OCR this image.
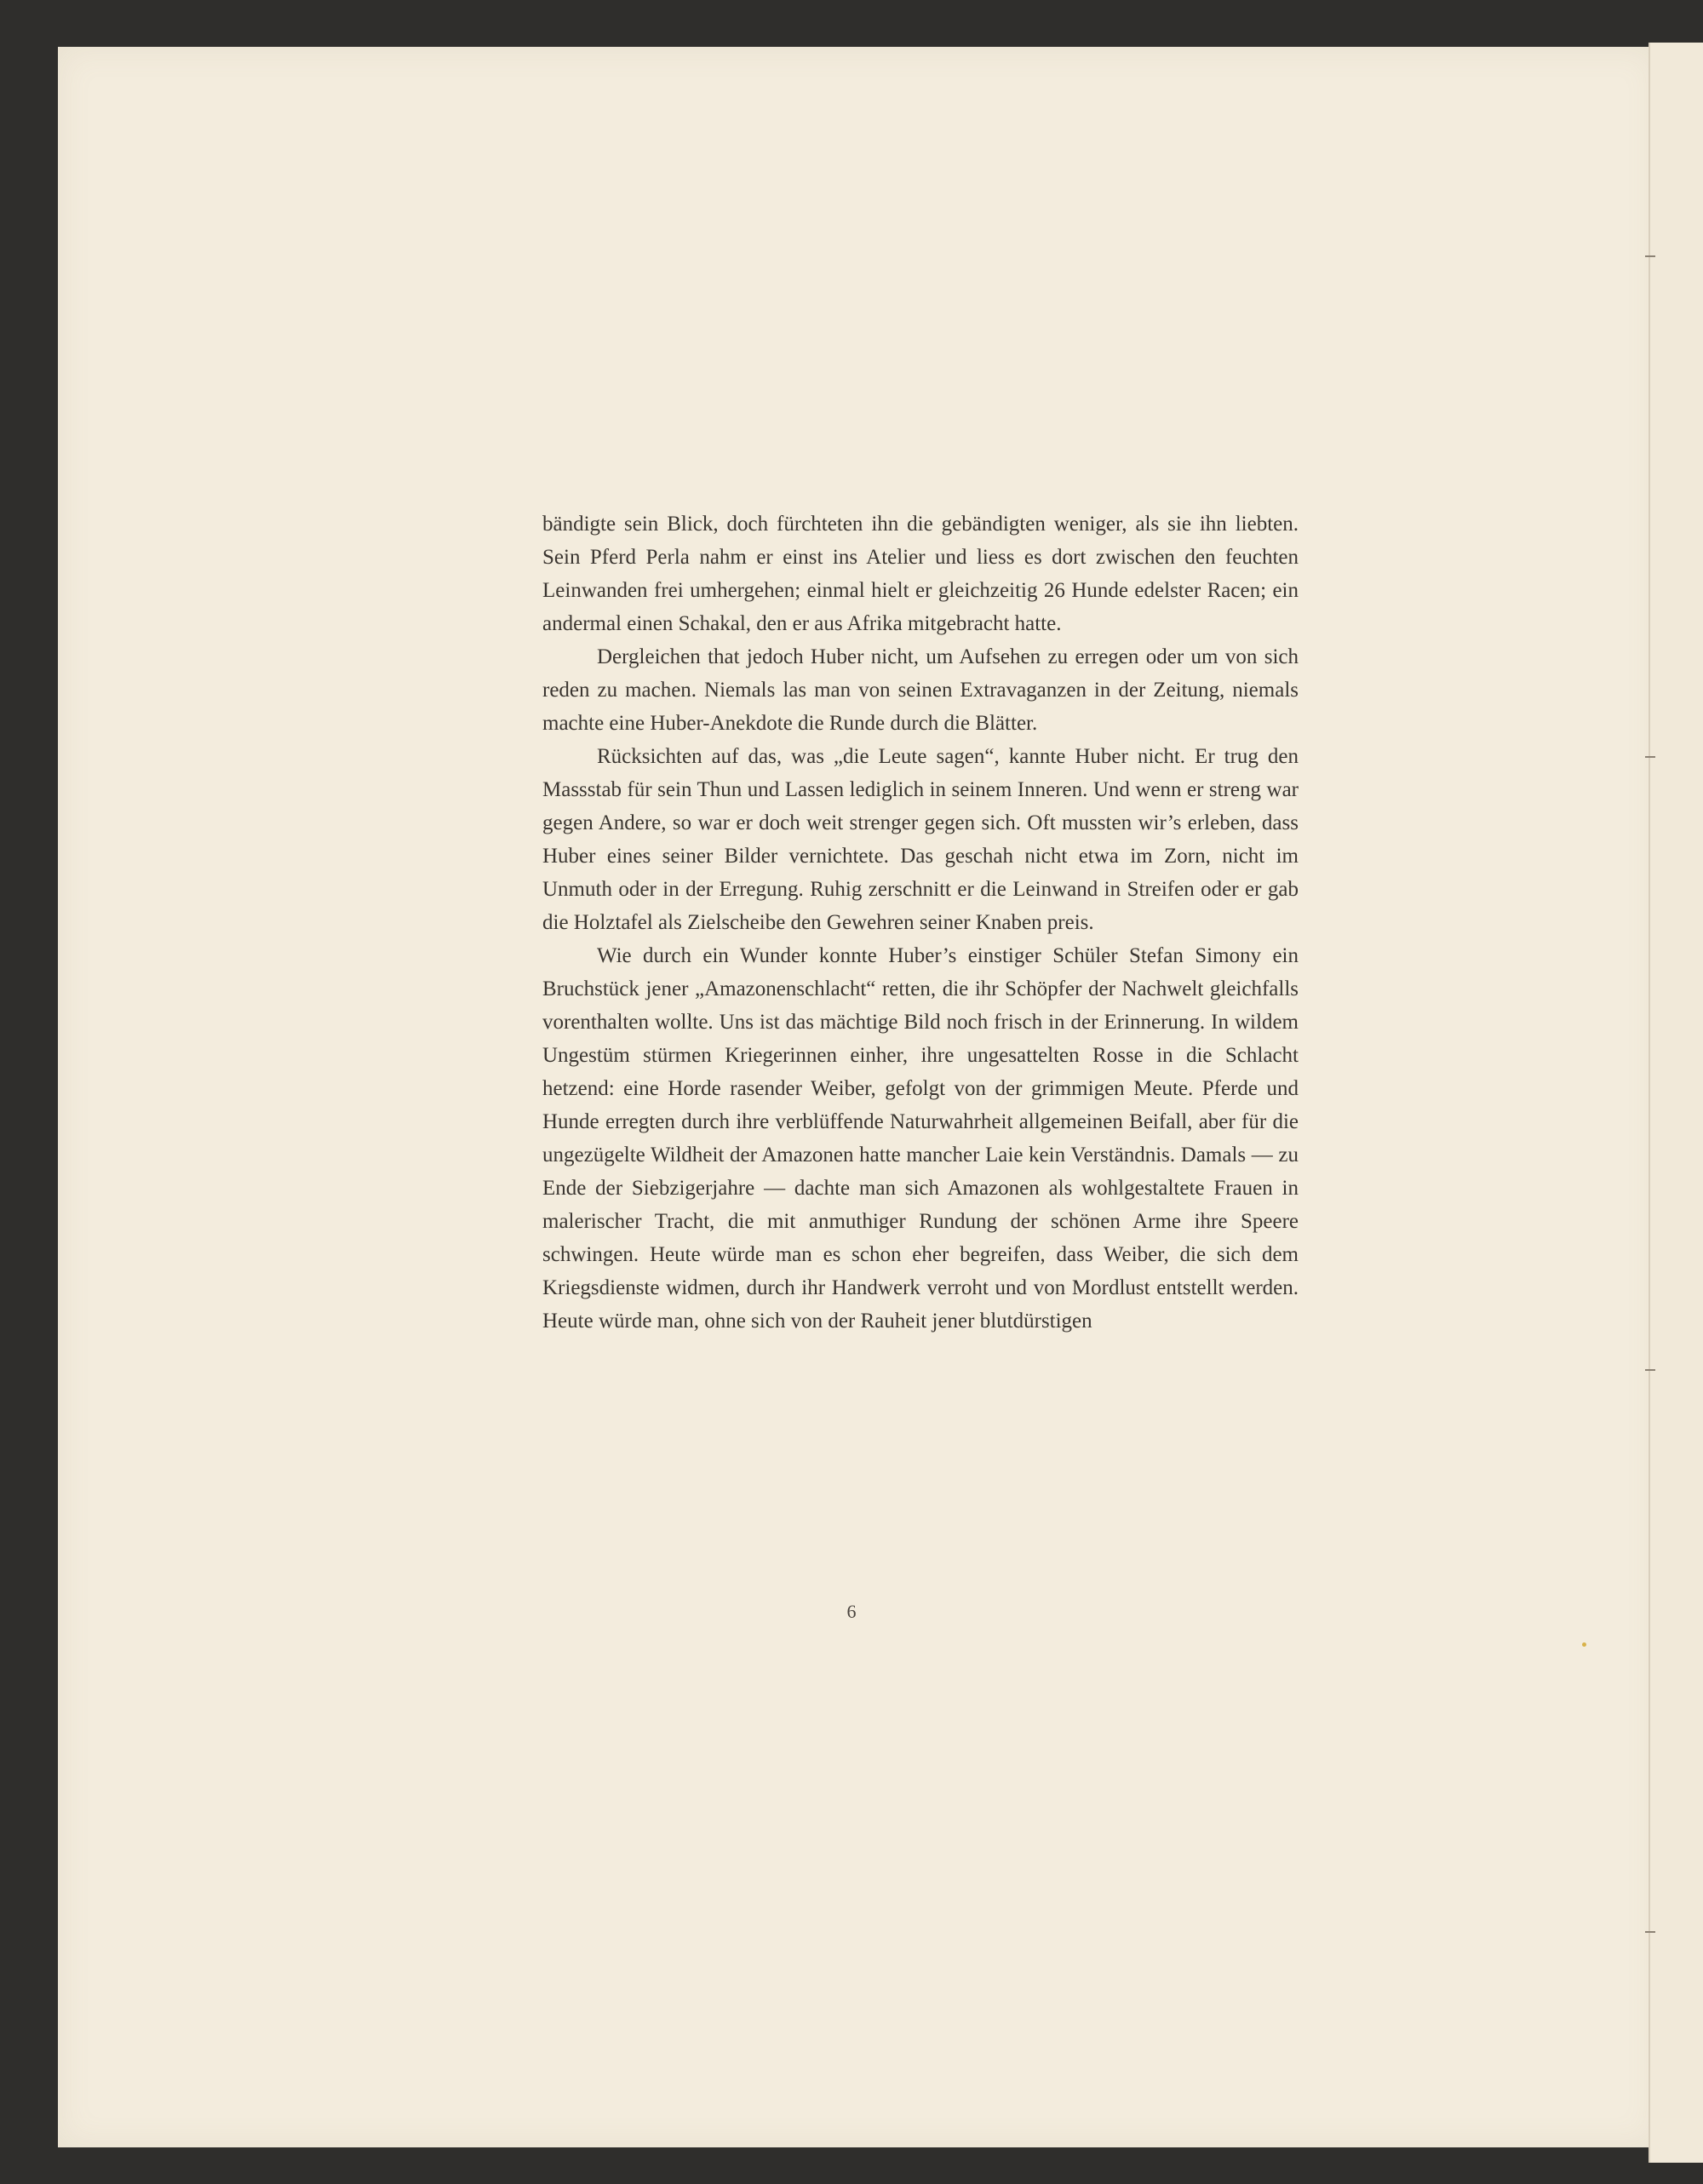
bändigte sein Blick, doch fürchteten ihn die gebändigten weniger, als sie ihn liebten. Sein Pferd Perla nahm er einst ins Atelier und liess es dort zwischen den feuchten Leinwanden frei umhergehen; einmal hielt er gleichzeitig 26 Hunde edelster Racen; ein andermal einen Schakal, den er aus Afrika mitgebracht hatte.

Dergleichen that jedoch Huber nicht, um Aufsehen zu erregen oder um von sich reden zu machen. Niemals las man von seinen Extravaganzen in der Zeitung, niemals machte eine Huber-Anekdote die Runde durch die Blätter.

Rücksichten auf das, was „die Leute sagen“, kannte Huber nicht. Er trug den Massstab für sein Thun und Lassen lediglich in seinem Inneren. Und wenn er streng war gegen Andere, so war er doch weit strenger gegen sich. Oft mussten wir’s erleben, dass Huber eines seiner Bilder vernichtete. Das geschah nicht etwa im Zorn, nicht im Unmuth oder in der Erregung. Ruhig zerschnitt er die Leinwand in Streifen oder er gab die Holztafel als Zielscheibe den Gewehren seiner Knaben preis.

Wie durch ein Wunder konnte Huber’s einstiger Schüler Stefan Simony ein Bruchstück jener „Amazonenschlacht“ retten, die ihr Schöpfer der Nachwelt gleichfalls vorenthalten wollte. Uns ist das mächtige Bild noch frisch in der Erinnerung. In wildem Ungestüm stürmen Kriegerinnen einher, ihre ungesattelten Rosse in die Schlacht hetzend: eine Horde rasender Weiber, gefolgt von der grimmigen Meute. Pferde und Hunde erregten durch ihre verblüffende Naturwahrheit allgemeinen Beifall, aber für die ungezügelte Wildheit der Amazonen hatte mancher Laie kein Verständnis. Damals — zu Ende der Siebzigerjahre — dachte man sich Amazonen als wohlgestaltete Frauen in malerischer Tracht, die mit anmuthiger Rundung der schönen Arme ihre Speere schwingen. Heute würde man es schon eher begreifen, dass Weiber, die sich dem Kriegsdienste widmen, durch ihr Handwerk verroht und von Mordlust entstellt werden. Heute würde man, ohne sich von der Rauheit jener blutdürstigen

6
